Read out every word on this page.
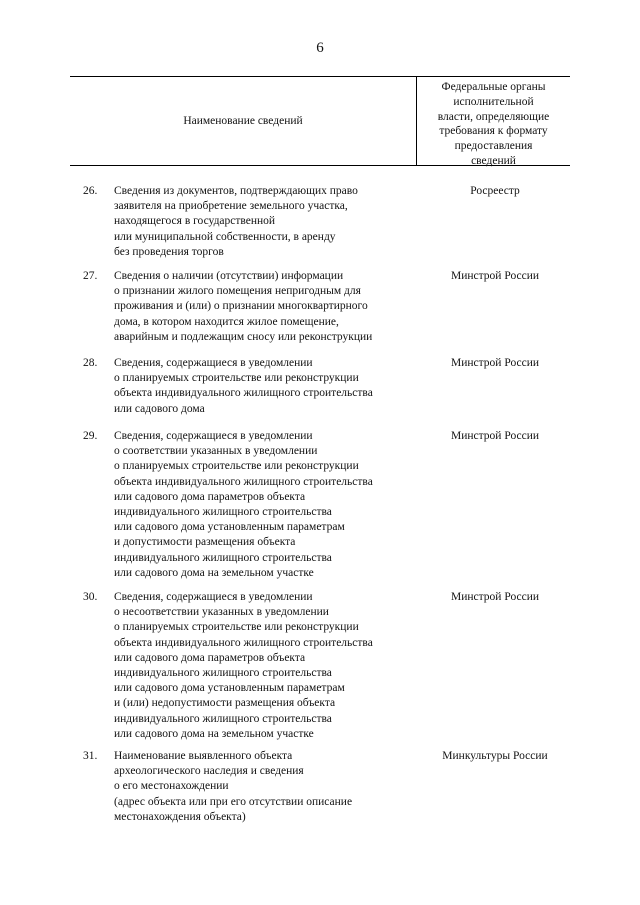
6
Наименование сведений
Федеральные органы
исполнительной
власти, определяющие
требования к формату
предоставления
сведений
26. Сведения из документов, подтверждающих право
заявителя на приобретение земельного участка,
находящегося в государственной
или муниципальной собственности, в аренду
без проведения торгов
Росреестр
27. Сведения о наличии (отсутствии) информации
о признании жилого помещения непригодным для
проживания и (или) о признании многоквартирного
дома, в котором находится жилое помещение,
аварийным и подлежащим сносу или реконструкции
Минстрой России
28. Сведения, содержащиеся в уведомлении
о планируемых строительстве или реконструкции
объекта индивидуального жилищного строительства
или садового дома
Минстрой России
29. Сведения, содержащиеся в уведомлении
о соответствии указанных в уведомлении
о планируемых строительстве или реконструкции
объекта индивидуального жилищного строительства
или садового дома параметров объекта
индивидуального жилищного строительства
или садового дома установленным параметрам
и допустимости размещения объекта
индивидуального жилищного строительства
или садового дома на земельном участке
Минстрой России
30. Сведения, содержащиеся в уведомлении
о несоответствии указанных в уведомлении
о планируемых строительстве или реконструкции
объекта индивидуального жилищного строительства
или садового дома параметров объекта
индивидуального жилищного строительства
или садового дома установленным параметрам
и (или) недопустимости размещения объекта
индивидуального жилищного строительства
или садового дома на земельном участке
Минстрой России
31. Наименование выявленного объекта
археологического наследия и сведения
о его местонахождении
(адрес объекта или при его отсутствии описание
местонахождения объекта)
Минкультуры России
